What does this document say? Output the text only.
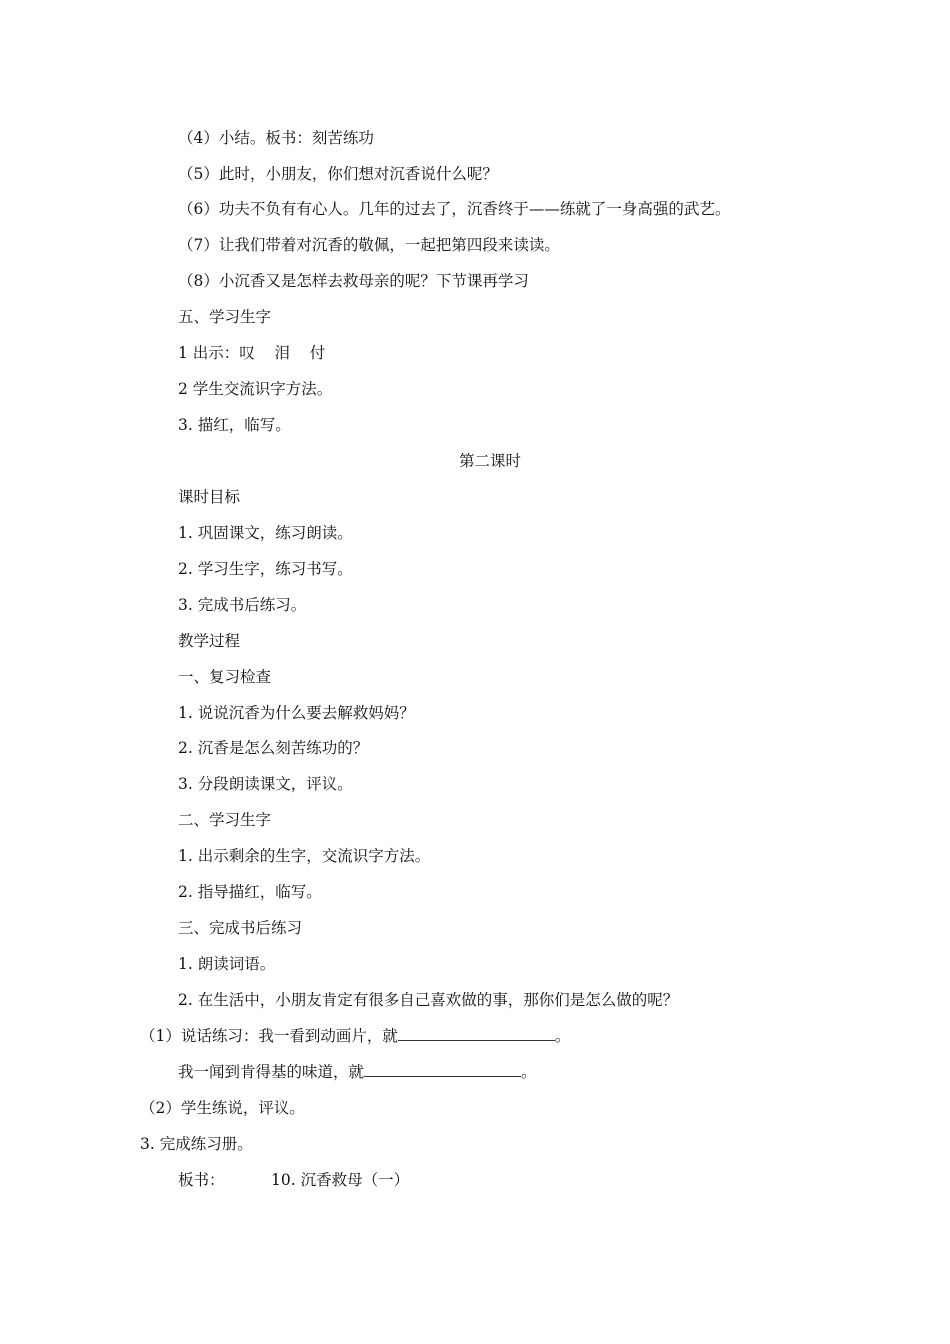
（4）小结。板书：刻苦练功
（5）此时，小朋友，你们想对沉香说什么呢？
（6）功夫不负有有心人。几年的过去了，沉香终于——练就了一身高强的武艺。
（7）让我们带着对沉香的敬佩，一起把第四段来读读。
（8）小沉香又是怎样去救母亲的呢？下节课再学习
五、学习生字
1 出示：叹    泪    付
2 学生交流识字方法。
3. 描红，临写。
第二课时
课时目标
1. 巩固课文，练习朗读。
2. 学习生字，练习书写。
3. 完成书后练习。
教学过程
一、复习检查
1. 说说沉香为什么要去解救妈妈？
2. 沉香是怎么刻苦练功的？
3. 分段朗读课文，评议。
二、学习生字
1. 出示剩余的生字，交流识字方法。
2. 指导描红，临写。
三、完成书后练习
1. 朗读词语。
2. 在生活中，小朋友肯定有很多自己喜欢做的事，那你们是怎么做的呢？
（1）说话练习：我一看到动画片，就	。
我一闻到肯得基的味道，就	。
（2）学生练说，评议。
3. 完成练习册。
板书：	10. 沉香救母（一）
